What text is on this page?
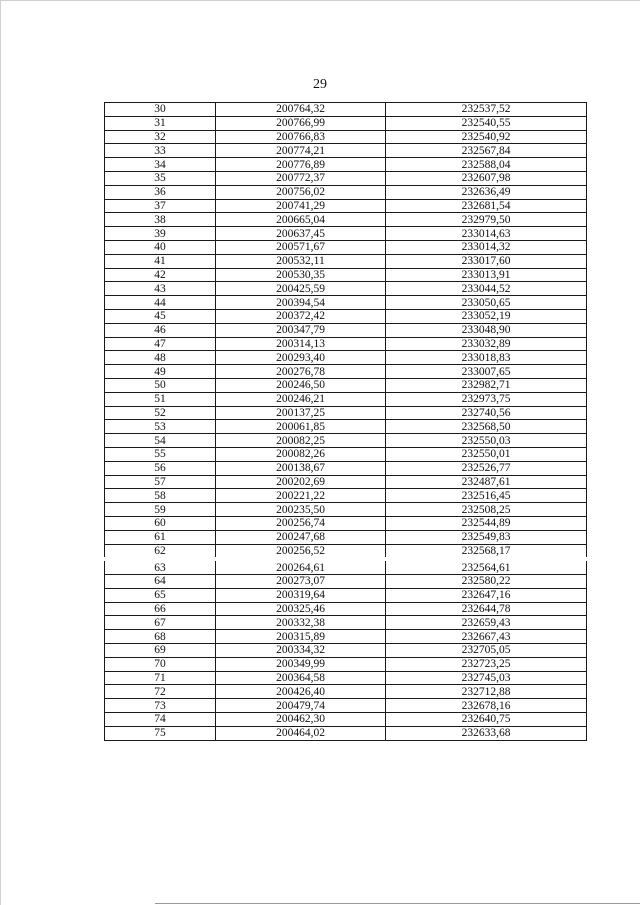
29
30	200764,32	232537,52
31	200766,99	232540,55
32	200766,83	232540,92
33	200774,21	232567,84
34	200776,89	232588,04
35	200772,37	232607,98
36	200756,02	232636,49
37	200741,29	232681,54
38	200665,04	232979,50
39	200637,45	233014,63
40	200571,67	233014,32
41	200532,11	233017,60
42	200530,35	233013,91
43	200425,59	233044,52
44	200394,54	233050,65
45	200372,42	233052,19
46	200347,79	233048,90
47	200314,13	233032,89
48	200293,40	233018,83
49	200276,78	233007,65
50	200246,50	232982,71
51	200246,21	232973,75
52	200137,25	232740,56
53	200061,85	232568,50
54	200082,25	232550,03
55	200082,26	232550,01
56	200138,67	232526,77
57	200202,69	232487,61
58	200221,22	232516,45
59	200235,50	232508,25
60	200256,74	232544,89
61	200247,68	232549,83
62	200256,52	232568,17
63	200264,61	232564,61
64	200273,07	232580,22
65	200319,64	232647,16
66	200325,46	232644,78
67	200332,38	232659,43
68	200315,89	232667,43
69	200334,32	232705,05
70	200349,99	232723,25
71	200364,58	232745,03
72	200426,40	232712,88
73	200479,74	232678,16
74	200462,30	232640,75
75	200464,02	232633,68
